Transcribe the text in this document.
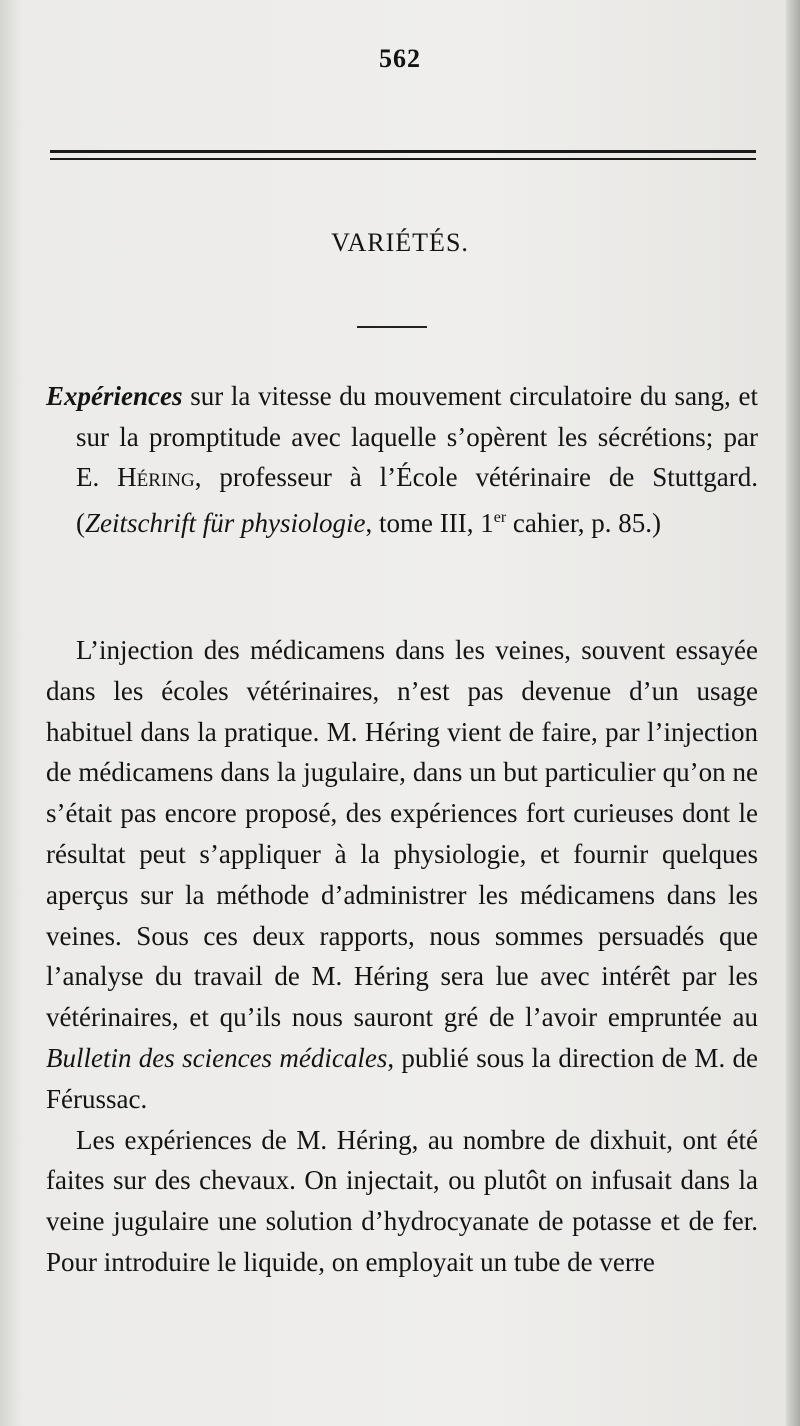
562
VARIÉTÉS.

Expériences sur la vitesse du mouvement circulatoire du sang, et sur la promptitude avec laquelle s’opèrent les sécrétions; par E. Héring, professeur à l’École vétérinaire de Stuttgard. (Zeitschrift für physiologie, tome III, 1er cahier, p. 85.)

L’injection des médicamens dans les veines, souvent essayée dans les écoles vétérinaires, n’est pas devenue d’un usage habituel dans la pratique. M. Héring vient de faire, par l’injection de médicamens dans la jugulaire, dans un but particulier qu’on ne s’était pas encore proposé, des expériences fort curieuses dont le résultat peut s’appliquer à la physiologie, et fournir quelques aperçus sur la méthode d’administrer les médicamens dans les veines. Sous ces deux rapports, nous sommes persuadés que l’analyse du travail de M. Héring sera lue avec intérêt par les vétérinaires, et qu’ils nous sauront gré de l’avoir empruntée au Bulletin des sciences médicales, publié sous la direction de M. de Férussac.

Les expériences de M. Héring, au nombre de dixhuit, ont été faites sur des chevaux. On injectait, ou plutôt on infusait dans la veine jugulaire une solution d’hydrocyanate de potasse et de fer. Pour introduire le liquide, on employait un tube de verre
